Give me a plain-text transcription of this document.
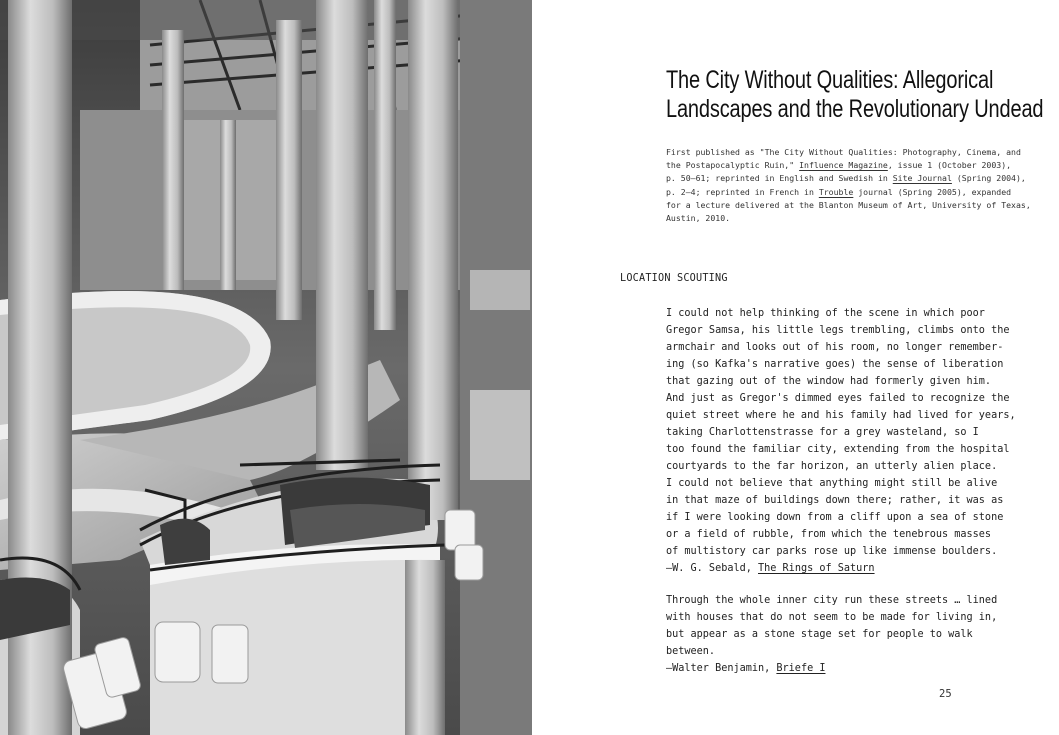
The City Without Qualities: Allegorical
Landscapes and the Revolutionary Undead

First published as "The City Without Qualities: Photography, Cinema, and
the Postapocalyptic Ruin," Influence Magazine, issue 1 (October 2003),
p. 50–61; reprinted in English and Swedish in Site Journal (Spring 2004),
p. 2–4; reprinted in French in Trouble journal (Spring 2005), expanded
for a lecture delivered at the Blanton Museum of Art, University of Texas,
Austin, 2010.

LOCATION SCOUTING

I could not help thinking of the scene in which poor
Gregor Samsa, his little legs trembling, climbs onto the
armchair and looks out of his room, no longer remember-
ing (so Kafka's narrative goes) the sense of liberation
that gazing out of the window had formerly given him.
And just as Gregor's dimmed eyes failed to recognize the
quiet street where he and his family had lived for years,
taking Charlottenstrasse for a grey wasteland, so I
too found the familiar city, extending from the hospital
courtyards to the far horizon, an utterly alien place.
I could not believe that anything might still be alive
in that maze of buildings down there; rather, it was as
if I were looking down from a cliff upon a sea of stone
or a field of rubble, from which the tenebrous masses
of multistory car parks rose up like immense boulders.
—W. G. Sebald, The Rings of Saturn

Through the whole inner city run these streets … lined
with houses that do not seem to be made for living in,
but appear as a stone stage set for people to walk
between.
—Walter Benjamin, Briefe I

25
